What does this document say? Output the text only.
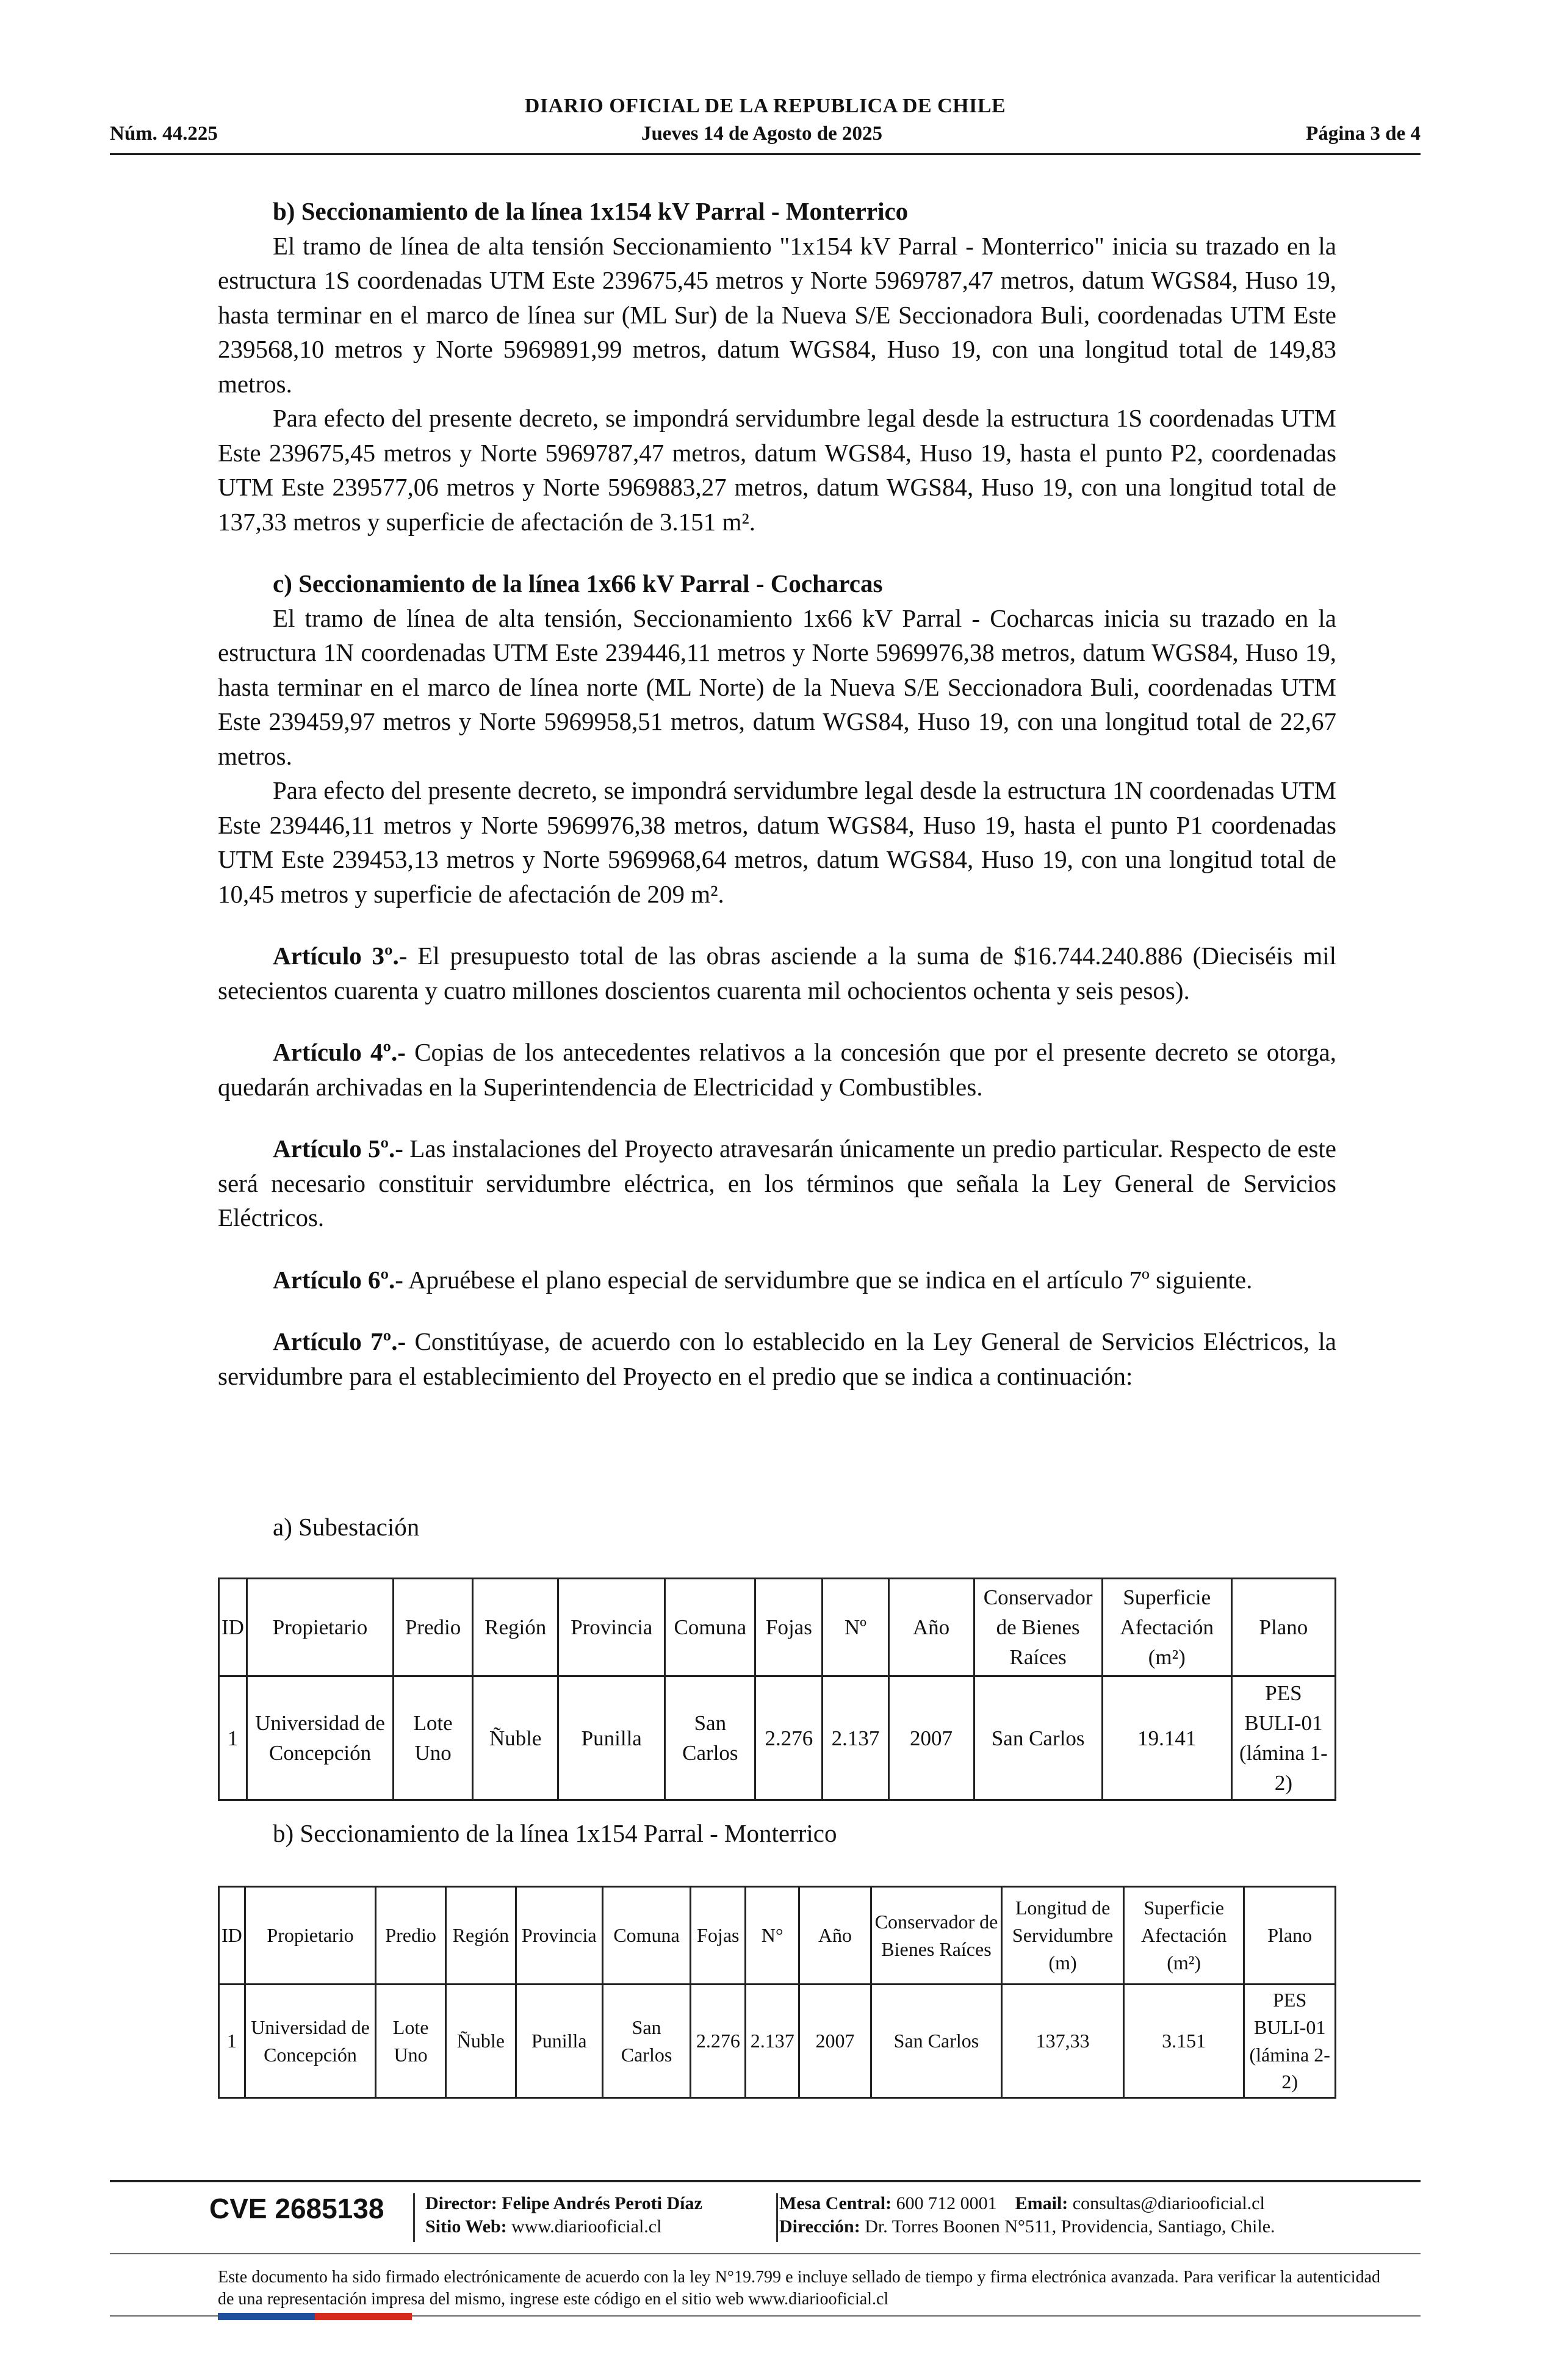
DIARIO OFICIAL DE LA REPUBLICA DE CHILE
Núm. 44.225	Jueves 14 de Agosto de 2025	Página 3 de 4

b) Seccionamiento de la línea 1x154 kV Parral - Monterrico

El tramo de línea de alta tensión Seccionamiento "1x154 kV Parral - Monterrico" inicia su trazado en la estructura 1S coordenadas UTM Este 239675,45 metros y Norte 5969787,47 metros, datum WGS84, Huso 19, hasta terminar en el marco de línea sur (ML Sur) de la Nueva S/E Seccionadora Buli, coordenadas UTM Este 239568,10 metros y Norte 5969891,99 metros, datum WGS84, Huso 19, con una longitud total de 149,83 metros.

Para efecto del presente decreto, se impondrá servidumbre legal desde la estructura 1S coordenadas UTM Este 239675,45 metros y Norte 5969787,47 metros, datum WGS84, Huso 19, hasta el punto P2, coordenadas UTM Este 239577,06 metros y Norte 5969883,27 metros, datum WGS84, Huso 19, con una longitud total de 137,33 metros y superficie de afectación de 3.151 m².

c) Seccionamiento de la línea 1x66 kV Parral - Cocharcas

El tramo de línea de alta tensión, Seccionamiento 1x66 kV Parral - Cocharcas inicia su trazado en la estructura 1N coordenadas UTM Este 239446,11 metros y Norte 5969976,38 metros, datum WGS84, Huso 19, hasta terminar en el marco de línea norte (ML Norte) de la Nueva S/E Seccionadora Buli, coordenadas UTM Este 239459,97 metros y Norte 5969958,51 metros, datum WGS84, Huso 19, con una longitud total de 22,67 metros.

Para efecto del presente decreto, se impondrá servidumbre legal desde la estructura 1N coordenadas UTM Este 239446,11 metros y Norte 5969976,38 metros, datum WGS84, Huso 19, hasta el punto P1 coordenadas UTM Este 239453,13 metros y Norte 5969968,64 metros, datum WGS84, Huso 19, con una longitud total de 10,45 metros y superficie de afectación de 209 m².

Artículo 3º.- El presupuesto total de las obras asciende a la suma de $16.744.240.886 (Dieciséis mil setecientos cuarenta y cuatro millones doscientos cuarenta mil ochocientos ochenta y seis pesos).

Artículo 4º.- Copias de los antecedentes relativos a la concesión que por el presente decreto se otorga, quedarán archivadas en la Superintendencia de Electricidad y Combustibles.

Artículo 5º.- Las instalaciones del Proyecto atravesarán únicamente un predio particular. Respecto de este será necesario constituir servidumbre eléctrica, en los términos que señala la Ley General de Servicios Eléctricos.

Artículo 6º.- Apruébese el plano especial de servidumbre que se indica en el artículo 7º siguiente.

Artículo 7º.- Constitúyase, de acuerdo con lo establecido en la Ley General de Servicios Eléctricos, la servidumbre para el establecimiento del Proyecto en el predio que se indica a continuación:

a) Subestación
ID	Propietario	Predio	Región	Provincia	Comuna	Fojas	Nº	Año	Conservador de Bienes Raíces	Superficie Afectación (m²)	Plano
1	Universidad de Concepción	Lote Uno	Ñuble	Punilla	San Carlos	2.276	2.137	2007	San Carlos	19.141	PES BULI-01 (lámina 1-2)
b) Seccionamiento de la línea 1x154 Parral - Monterrico
ID	Propietario	Predio	Región	Provincia	Comuna	Fojas	N°	Año	Conservador de Bienes Raíces	Longitud de Servidumbre (m)	Superficie Afectación (m²)	Plano
1	Universidad de Concepción	Lote Uno	Ñuble	Punilla	San Carlos	2.276	2.137	2007	San Carlos	137,33	3.151	PES BULI-01 (lámina 2-2)
CVE 2685138 Director: Felipe Andrés Peroti Díaz
Sitio Web: www.diariooficial.cl
Mesa Central: 600 712 0001 Email: consultas@diariooficial.cl
Dirección: Dr. Torres Boonen N°511, Providencia, Santiago, Chile.
Este documento ha sido firmado electrónicamente de acuerdo con la ley N°19.799 e incluye sellado de tiempo y firma electrónica avanzada. Para verificar la autenticidad de una representación impresa del mismo, ingrese este código en el sitio web www.diariooficial.cl
